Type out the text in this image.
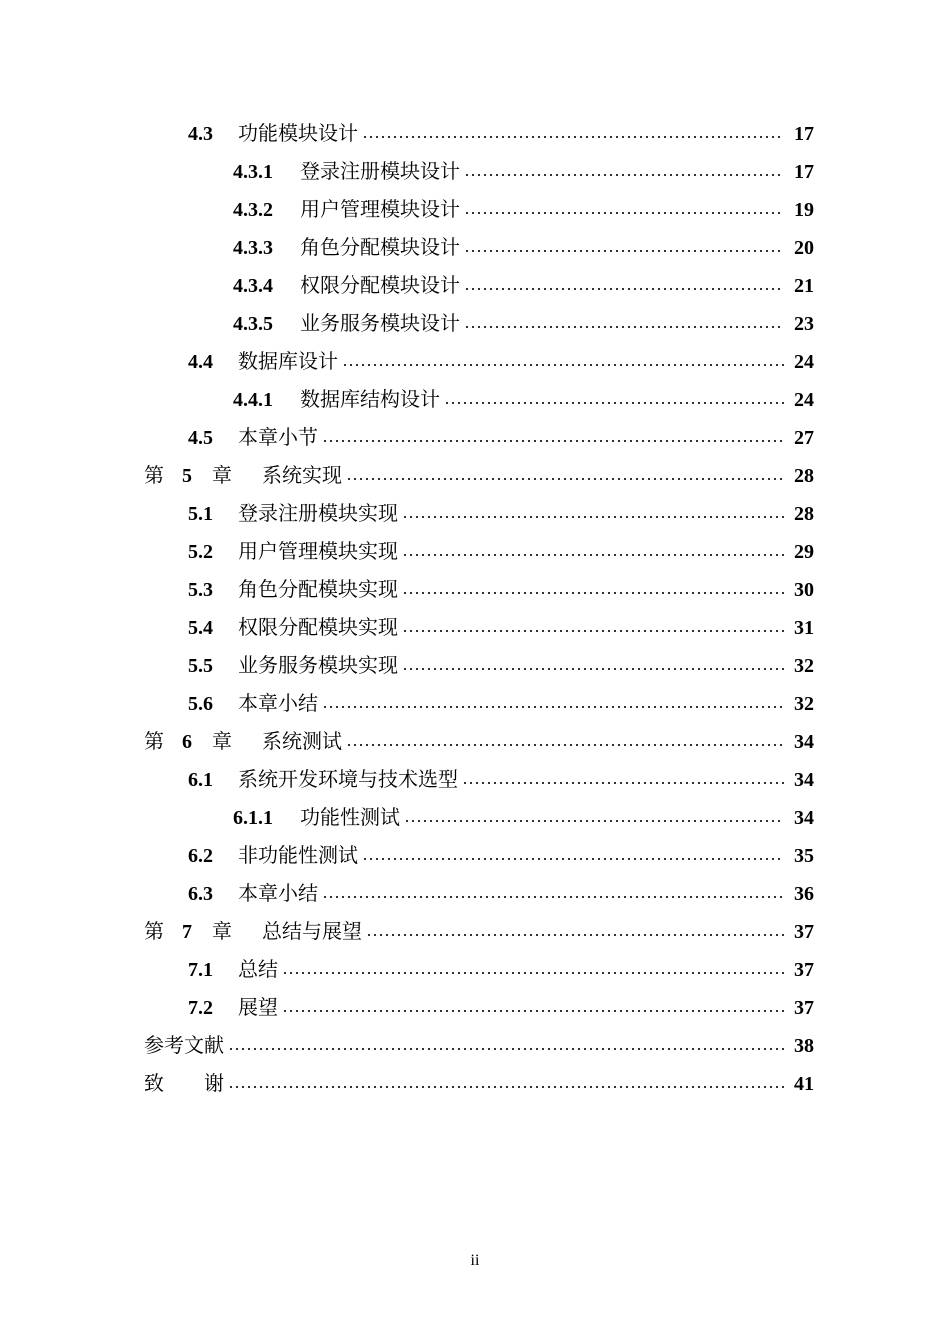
4.3	功能模块设计	17
4.3.1	登录注册模块设计	17
4.3.2	用户管理模块设计	19
4.3.3	角色分配模块设计	20
4.3.4	权限分配模块设计	21
4.3.5	业务服务模块设计	23
4.4	数据库设计	24
4.4.1	数据库结构设计	24
4.5	本章小节	27
第 5 章	系统实现	28
5.1	登录注册模块实现	28
5.2	用户管理模块实现	29
5.3	角色分配模块实现	30
5.4	权限分配模块实现	31
5.5	业务服务模块实现	32
5.6	本章小结	32
第 6 章	系统测试	34
6.1	系统开发环境与技术选型	34
6.1.1	功能性测试	34
6.2	非功能性测试	35
6.3	本章小结	36
第 7 章	总结与展望	37
7.1	总结	37
7.2	展望	37
参考文献	38
致　　谢	41
ii
